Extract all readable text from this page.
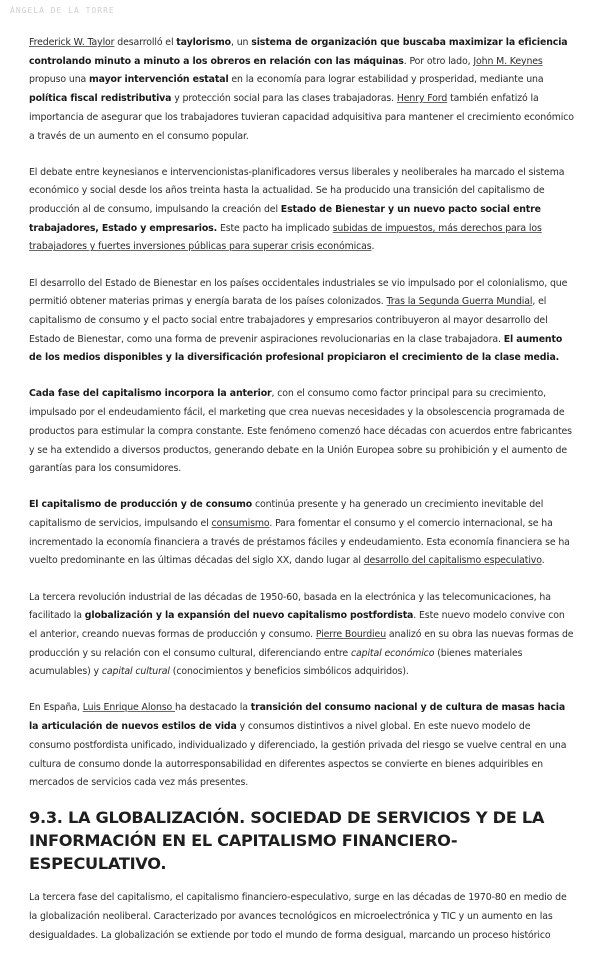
ÁNGELA DE LA TORRE

Frederick W. Taylor desarrolló el taylorismo, un sistema de organización que buscaba maximizar la eficiencia controlando minuto a minuto a los obreros en relación con las máquinas. Por otro lado, John M. Keynes propuso una mayor intervención estatal en la economía para lograr estabilidad y prosperidad, mediante una política fiscal redistributiva y protección social para las clases trabajadoras. Henry Ford también enfatizó la importancia de asegurar que los trabajadores tuvieran capacidad adquisitiva para mantener el crecimiento económico a través de un aumento en el consumo popular.

El debate entre keynesianos e intervencionistas-planificadores versus liberales y neoliberales ha marcado el sistema económico y social desde los años treinta hasta la actualidad. Se ha producido una transición del capitalismo de producción al de consumo, impulsando la creación del Estado de Bienestar y un nuevo pacto social entre trabajadores, Estado y empresarios. Este pacto ha implicado subidas de impuestos, más derechos para los trabajadores y fuertes inversiones públicas para superar crisis económicas.

El desarrollo del Estado de Bienestar en los países occidentales industriales se vio impulsado por el colonialismo, que permitió obtener materias primas y energía barata de los países colonizados. Tras la Segunda Guerra Mundial, el capitalismo de consumo y el pacto social entre trabajadores y empresarios contribuyeron al mayor desarrollo del Estado de Bienestar, como una forma de prevenir aspiraciones revolucionarias en la clase trabajadora. El aumento de los medios disponibles y la diversificación profesional propiciaron el crecimiento de la clase media.

Cada fase del capitalismo incorpora la anterior, con el consumo como factor principal para su crecimiento, impulsado por el endeudamiento fácil, el marketing que crea nuevas necesidades y la obsolescencia programada de productos para estimular la compra constante. Este fenómeno comenzó hace décadas con acuerdos entre fabricantes y se ha extendido a diversos productos, generando debate en la Unión Europea sobre su prohibición y el aumento de garantías para los consumidores.

El capitalismo de producción y de consumo continúa presente y ha generado un crecimiento inevitable del capitalismo de servicios, impulsando el consumismo. Para fomentar el consumo y el comercio internacional, se ha incrementado la economía financiera a través de préstamos fáciles y endeudamiento. Esta economía financiera se ha vuelto predominante en las últimas décadas del siglo XX, dando lugar al desarrollo del capitalismo especulativo.

La tercera revolución industrial de las décadas de 1950-60, basada en la electrónica y las telecomunicaciones, ha facilitado la globalización y la expansión del nuevo capitalismo postfordista. Este nuevo modelo convive con el anterior, creando nuevas formas de producción y consumo. Pierre Bourdieu analizó en su obra las nuevas formas de producción y su relación con el consumo cultural, diferenciando entre capital económico (bienes materiales acumulables) y capital cultural (conocimientos y beneficios simbólicos adquiridos).

En España, Luis Enrique Alonso ha destacado la transición del consumo nacional y de cultura de masas hacia la articulación de nuevos estilos de vida y consumos distintivos a nivel global. En este nuevo modelo de consumo postfordista unificado, individualizado y diferenciado, la gestión privada del riesgo se vuelve central en una cultura de consumo donde la autorresponsabilidad en diferentes aspectos se convierte en bienes adquiribles en mercados de servicios cada vez más presentes.

9.3. LA GLOBALIZACIÓN. SOCIEDAD DE SERVICIOS Y DE LA INFORMACIÓN EN EL CAPITALISMO FINANCIERO-ESPECULATIVO.

La tercera fase del capitalismo, el capitalismo financiero-especulativo, surge en las décadas de 1970-80 en medio de la globalización neoliberal. Caracterizado por avances tecnológicos en microelectrónica y TIC y un aumento en las desigualdades. La globalización se extiende por todo el mundo de forma desigual, marcando un proceso histórico
